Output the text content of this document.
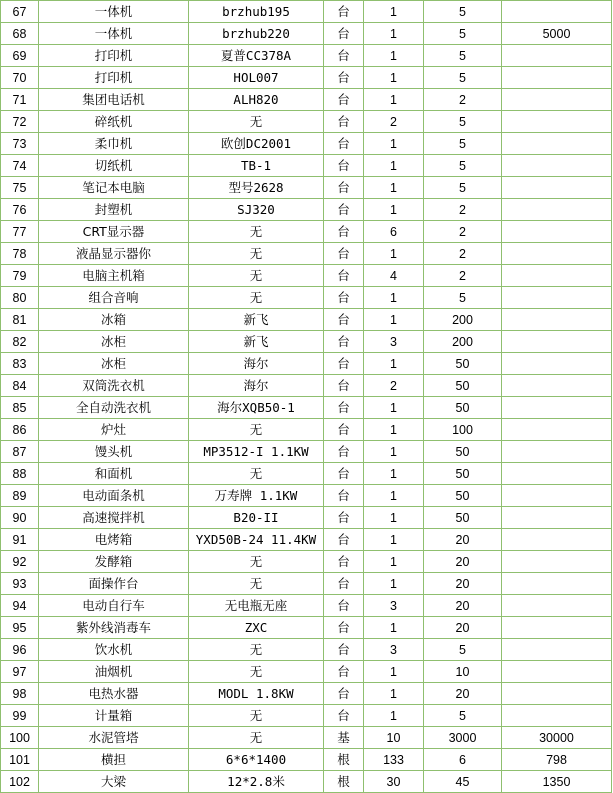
67	一体机	brzhub195	台	1	5	
68	一体机	brzhub220	台	1	5	5000
69	打印机	夏普CC378A	台	1	5	
70	打印机	HOL007	台	1	5	
71	集团电话机	ALH820	台	1	2	
72	碎纸机	无	台	2	5	
73	柔巾机	欧创DC2001	台	1	5	
74	切纸机	TB-1	台	1	5	
75	笔记本电脑	型号2628	台	1	5	
76	封塑机	SJ320	台	1	2	
77	CRT显示器	无	台	6	2	
78	液晶显示器你	无	台	1	2	
79	电脑主机箱	无	台	4	2	
80	组合音响	无	台	1	5	
81	冰箱	新飞	台	1	200	
82	冰柜	新飞	台	3	200	
83	冰柜	海尔	台	1	50	
84	双筒洗衣机	海尔	台	2	50	
85	全自动洗衣机	海尔XQB50-1	台	1	50	
86	炉灶	无	台	1	100	
87	馒头机	MP3512-I 1.1KW	台	1	50	
88	和面机	无	台	1	50	
89	电动面条机	万寿牌 1.1KW	台	1	50	
90	高速搅拌机	B20-II	台	1	50	
91	电烤箱	YXD50B-24 11.4KW	台	1	20	
92	发酵箱	无	台	1	20	
93	面操作台	无	台	1	20	
94	电动自行车	无电瓶无座	台	3	20	
95	紫外线消毒车	ZXC	台	1	20	
96	饮水机	无	台	3	5	
97	油烟机	无	台	1	10	
98	电热水器	MODL 1.8KW	台	1	20	
99	计量箱	无	台	1	5	
100	水泥管塔	无	基	10	3000	30000
101	横担	6*6*1400	根	133	6	798
102	大梁	12*2.8米	根	30	45	1350
